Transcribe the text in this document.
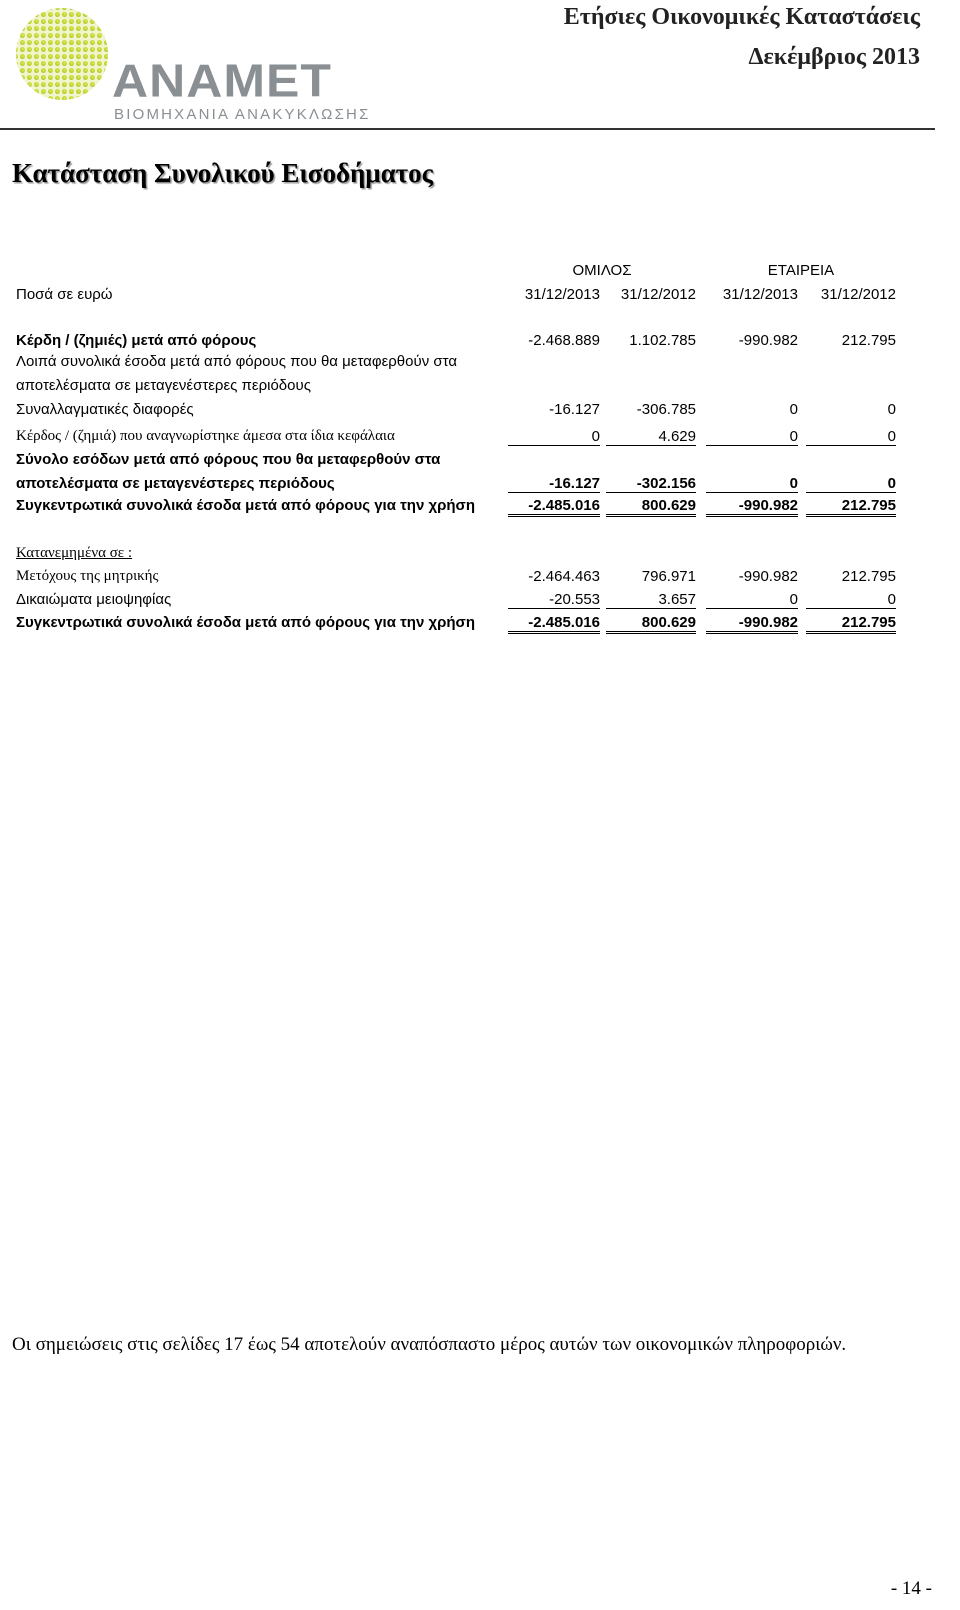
ANAMET
ΒΙΟΜΗΧΑΝΙΑ ΑΝΑΚΥΚΛΩΣΗΣ
Ετήσιες Οικονομικές Καταστάσεις
Δεκέμβριος 2013
Κατάσταση Συνολικού Εισοδήματος
ΟΜΙΛΟΣ	ΕΤΑΙΡΕΙΑ
Ποσά σε ευρώ	31/12/2013	31/12/2012	31/12/2013	31/12/2012
Κέρδη / (ζημιές) μετά από φόρους	-2.468.889	1.102.785	-990.982	212.795
Λοιπά συνολικά έσοδα μετά από φόρους που θα μεταφερθούν στα
αποτελέσματα σε μεταγενέστερες περιόδους
Συναλλαγματικές διαφορές	-16.127	-306.785	0	0
Κέρδος / (ζημιά) που αναγνωρίστηκε άμεσα στα ίδια κεφάλαια	0	4.629	0	0
Σύνολο εσόδων μετά από φόρους που θα μεταφερθούν στα
αποτελέσματα σε μεταγενέστερες περιόδους	-16.127	-302.156	0	0
Συγκεντρωτικά συνολικά έσοδα μετά από φόρους για την χρήση	-2.485.016	800.629	-990.982	212.795
Κατανεμημένα σε :
Μετόχους της μητρικής	-2.464.463	796.971	-990.982	212.795
Δικαιώματα μειοψηφίας	-20.553	3.657	0	0
Συγκεντρωτικά συνολικά έσοδα μετά από φόρους για την χρήση	-2.485.016	800.629	-990.982	212.795
Οι σημειώσεις στις σελίδες 17 έως 54 αποτελούν αναπόσπαστο μέρος αυτών των οικονομικών πληροφοριών.
- 14 -
